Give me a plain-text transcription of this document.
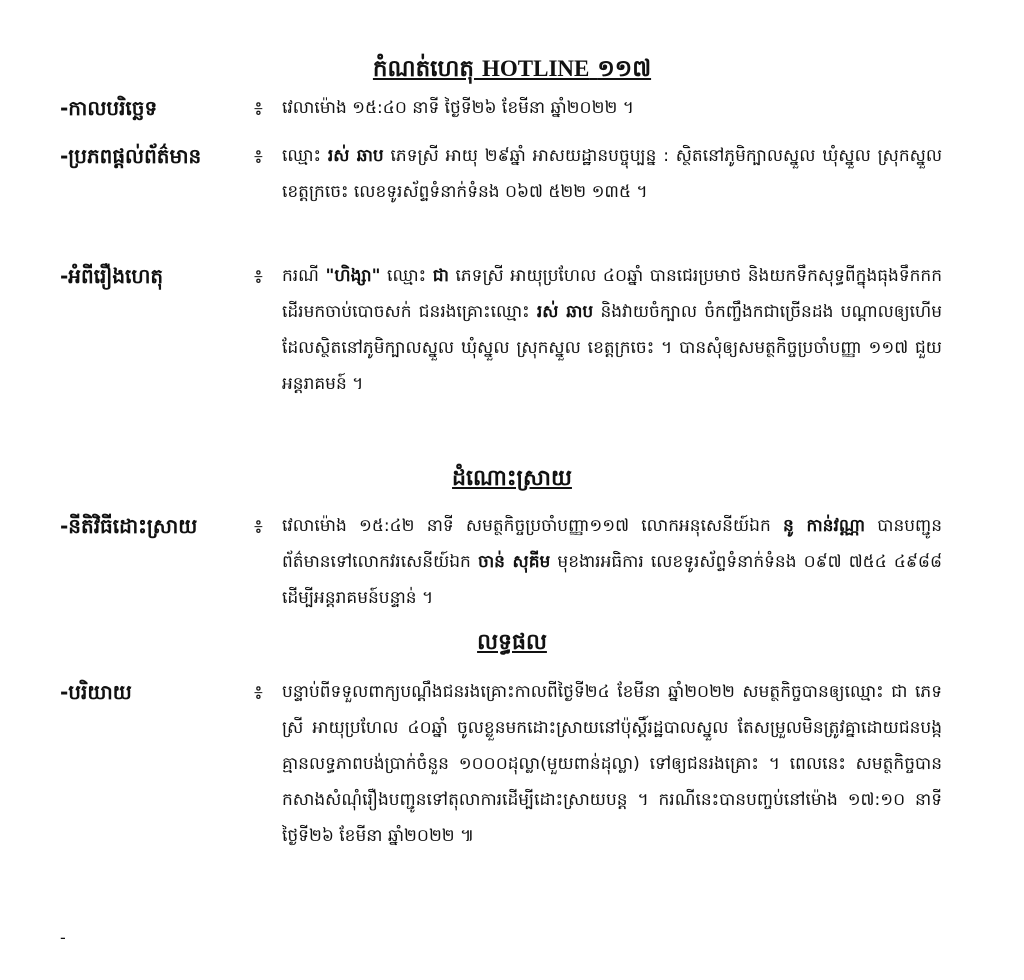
កំណត់ហេតុ HOTLINE ១១៧
-កាលបរិច្ឆេទ	៖	វេលាម៉ោង ១៥:៤០ នាទី ថ្ងៃទី២៦ ខែមីនា ឆ្នាំ២០២២ ។
-ប្រភពផ្ដល់ព័ត៌មាន	៖	ឈ្មោះ រស់ ឆាប ភេទស្រី អាយុ ២៩ឆ្នាំ អាសយដ្ឋានបច្ចុប្បន្ន : ស្ថិតនៅភូមិក្បាលស្នួល ឃុំស្នួល ស្រុកស្នួល ខេត្តក្រចេះ លេខទូរស័ព្ទទំនាក់ទំនង ០៦៧ ៥២២ ១៣៥ ។
-អំពីរឿងហេតុ	៖	ករណី "ហិង្សា" ឈ្មោះ ជា ភេទស្រី អាយុប្រហែល ៤០ឆ្នាំ បានជេរប្រមាថ និងយកទឹកសុទ្ធពីក្នុងធុងទឹកកកដើរមកចាប់បោចសក់ ជនរងគ្រោះឈ្មោះ រស់ ឆាប និងវាយចំក្បាល ចំកញ្ចឹងកជាច្រើនដង បណ្ដាលឲ្យហើម ដែលស្ថិតនៅភូមិក្បាលស្នួល ឃុំស្នួល ស្រុកស្នួល ខេត្តក្រចេះ ។ បានសុំឲ្យសមត្ថកិច្ចប្រចាំបញ្ញា ១១៧ ជួយអន្តរាគមន៍ ។
ដំណោះស្រាយ
-នីតិវិធីដោះស្រាយ	៖	វេលាម៉ោង ១៥:៤២ នាទី សមត្ថកិច្ចប្រចាំបញ្ញា១១៧ លោកអនុសេនីយ៍ឯក នូ កាន់វណ្ណា បានបញ្ជូនព័ត៌មានទៅលោកវរសេនីយ៍ឯក ចាន់ សុគីម មុខងារអធិការ លេខទូរស័ព្ទទំនាក់ទំនង ០៩៧ ៧៥៤ ៤៩៨៨ ដើម្បីអន្តរាគមន៍បន្ទាន់ ។
លទ្ធផល
-បរិយាយ	៖	បន្ទាប់ពីទទួលពាក្យបណ្ដឹងជនរងគ្រោះកាលពីថ្ងៃទី២៤ ខែមីនា ឆ្នាំ២០២២ សមត្ថកិច្ចបានឲ្យឈ្មោះ ជា ភេទស្រី អាយុប្រហែល ៤០ឆ្នាំ ចូលខ្លួនមកដោះស្រាយនៅប៉ុស្តិ៍រដ្ឋបាលស្នួល តែសម្រួលមិនត្រូវគ្នាដោយជនបង្កគ្មានលទ្ធភាពបង់ប្រាក់ចំនួន ១០០០ដុល្លា(មួយពាន់ដុល្លា) ទៅឲ្យជនរងគ្រោះ ។ ពេលនេះ សមត្ថកិច្ចបានកសាងសំណុំរឿងបញ្ជូនទៅតុលាការដើម្បីដោះស្រាយបន្ត ។ ករណីនេះបានបញ្ចប់នៅម៉ោង ១៧:១០ នាទី ថ្ងៃទី២៦ ខែមីនា ឆ្នាំ២០២២ ៕
-
